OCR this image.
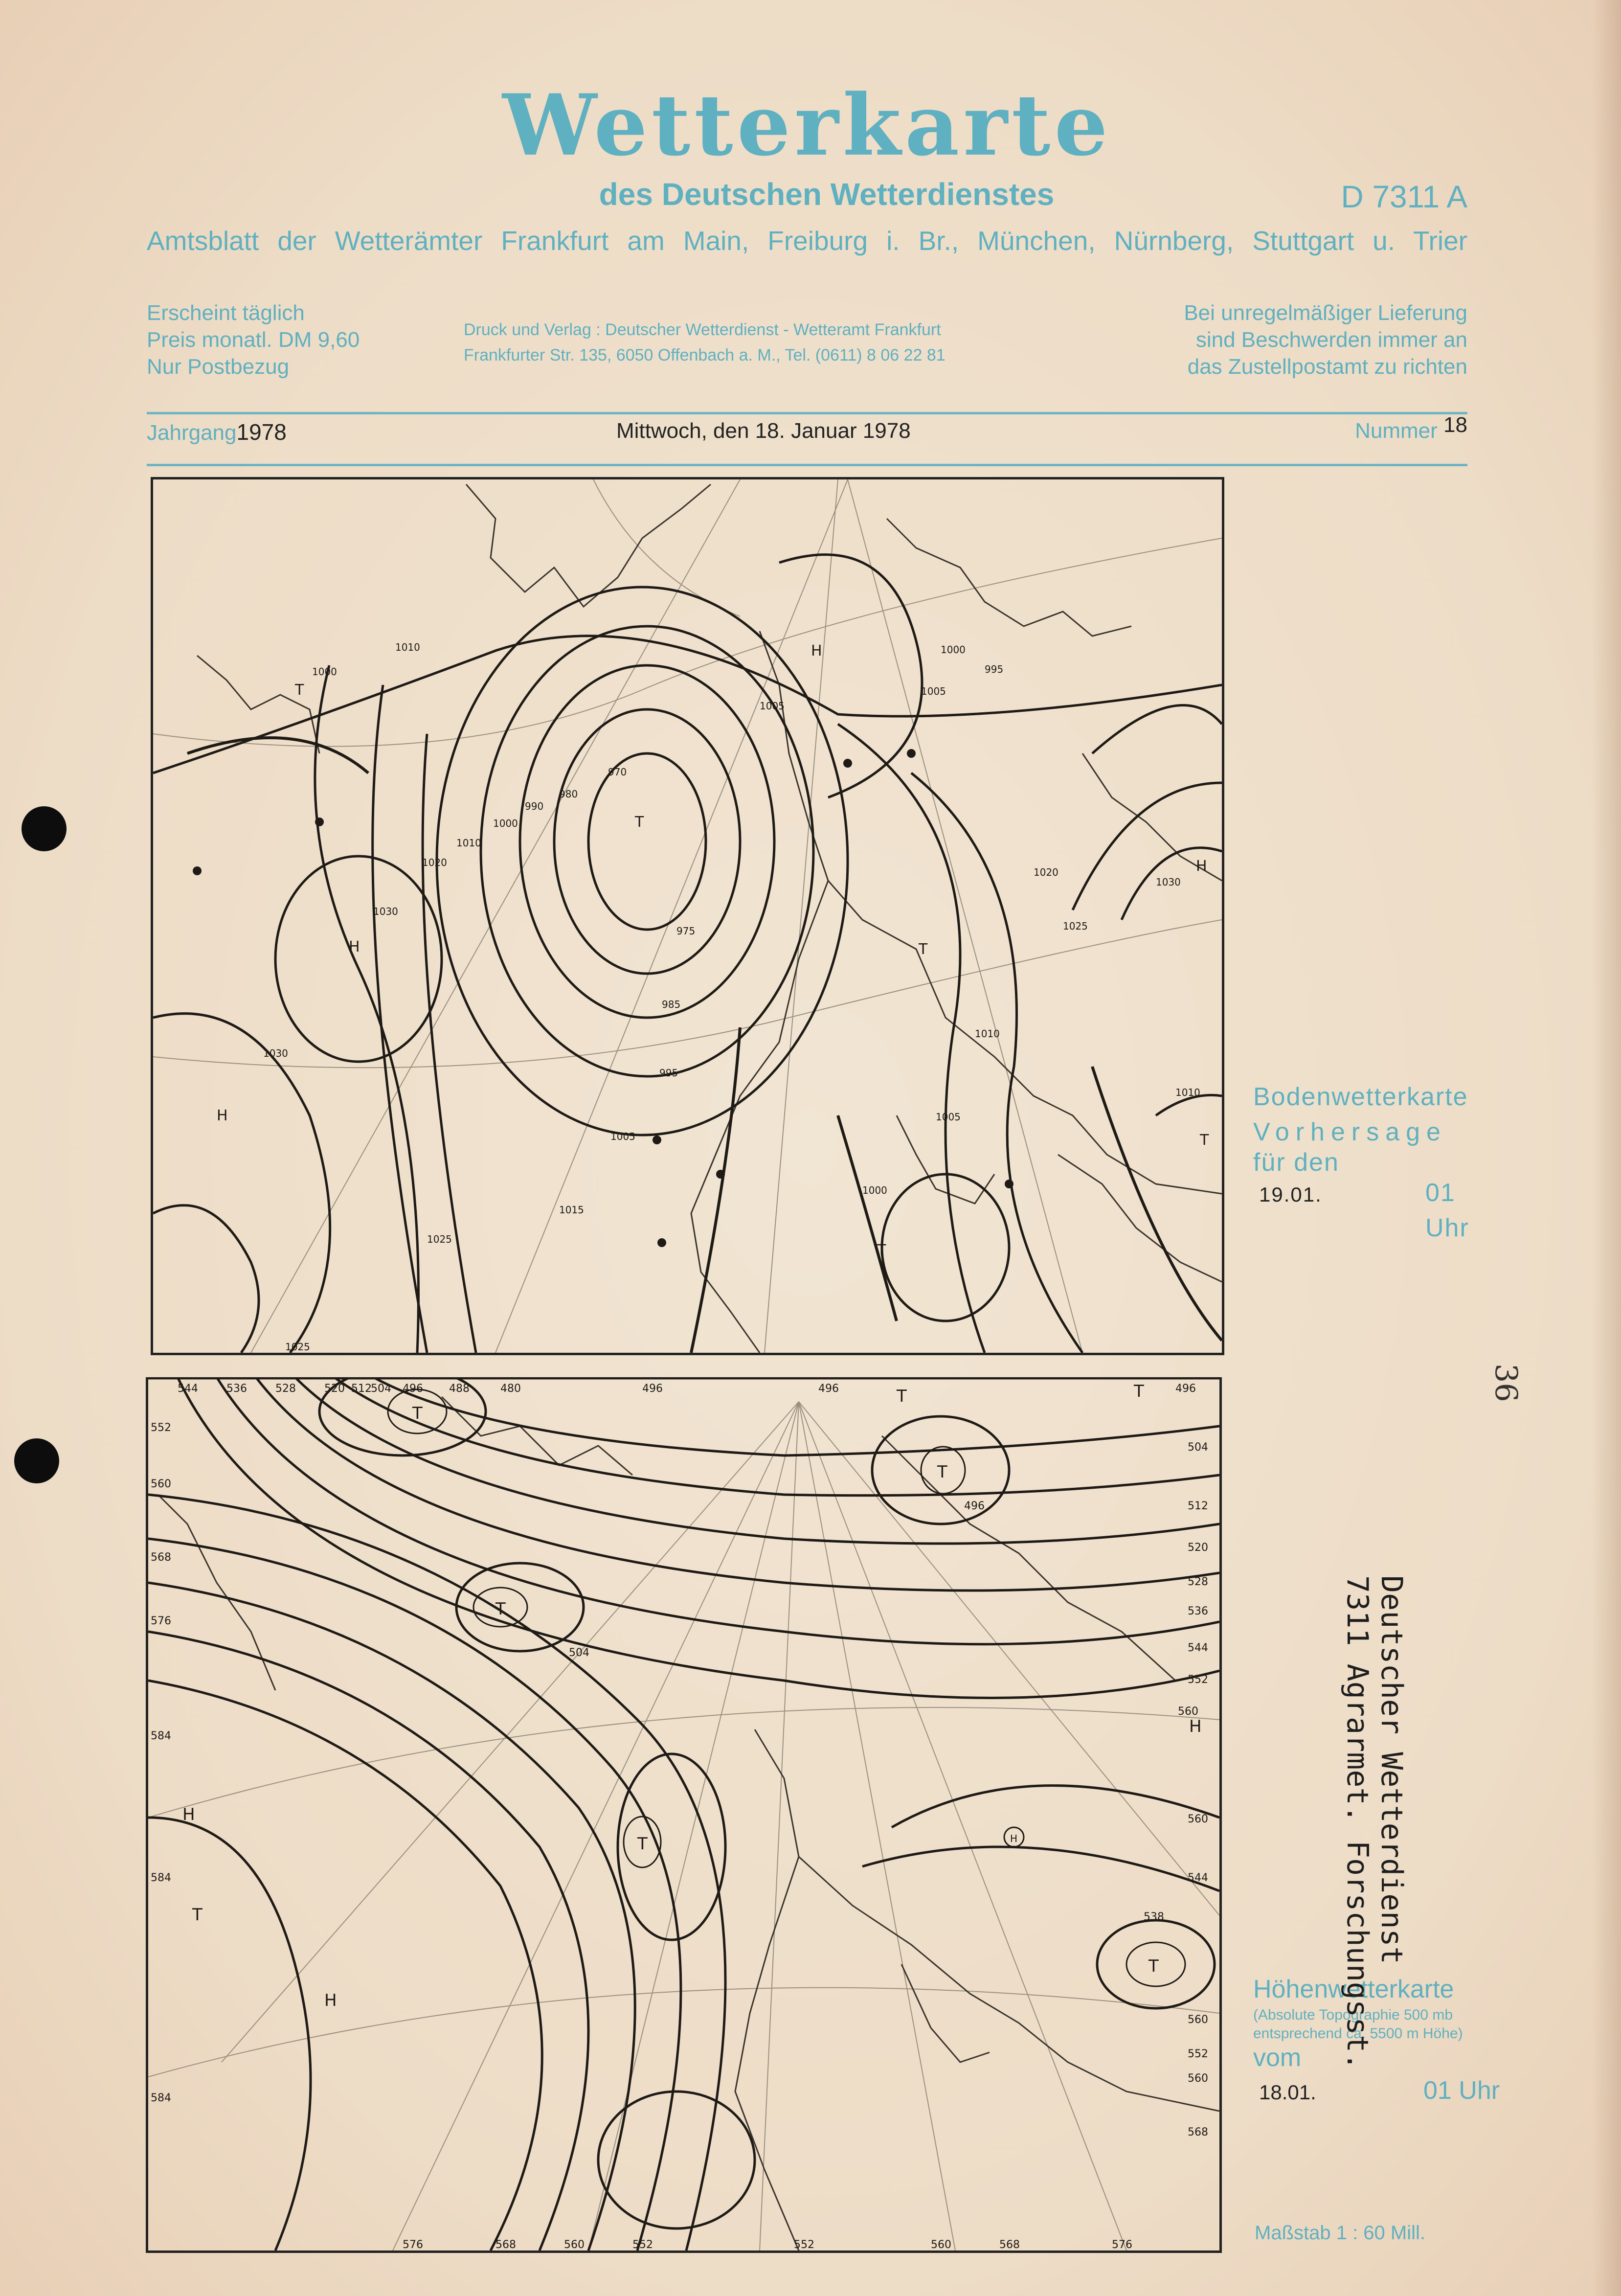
Wetterkarte
des Deutschen Wetterdienstes	D 7311 A
Amtsblatt der Wetterämter Frankfurt am Main, Freiburg i. Br., München, Nürnberg, Stuttgart u. Trier
Erscheint täglich
Preis monatl. DM 9,60
Nur Postbezug
Druck und Verlag : Deutscher Wetterdienst - Wetteramt Frankfurt
Frankfurter Str. 135, 6050 Offenbach a. M., Tel. (0611) 8 06 22 81
Bei unregelmäßiger Lieferung
sind Beschwerden immer an
das Zustellpostamt zu richten
Jahrgang1978	Mittwoch, den 18. Januar 1978	Nummer 18
1010
1000
1020
1030
1010
1000
990
980
970
975
985
995
1005
1015
1025
1030
1005
1000
995
1005
1020
1030
1025
1010
1010
1005
1000
1025
T
H
T
H
H
T
H
T
T
Bodenwetterkarte
Vorhersage
für den
19.01.	01 Uhr
544	536	528	520 512
504 496 488	480	496	496	496
552
560
568
576
584
584
584
504
512
520
528
536
544
552
560
560
544
538
560
552
560
568
576	568	560	552	552	560	568	576
504
496
T
T
T
T
T
T
H
H
H
T
T
H
Höhenwetterkarte
(Absolute Topographie 500 mb
entsprechend ca. 5500 m Höhe)
vom
18.01.	01 Uhr
Maßstab 1 : 60 Mill.
Deutscher Wetterdienst
7311 Agrarmet. Forschungsst.
36
